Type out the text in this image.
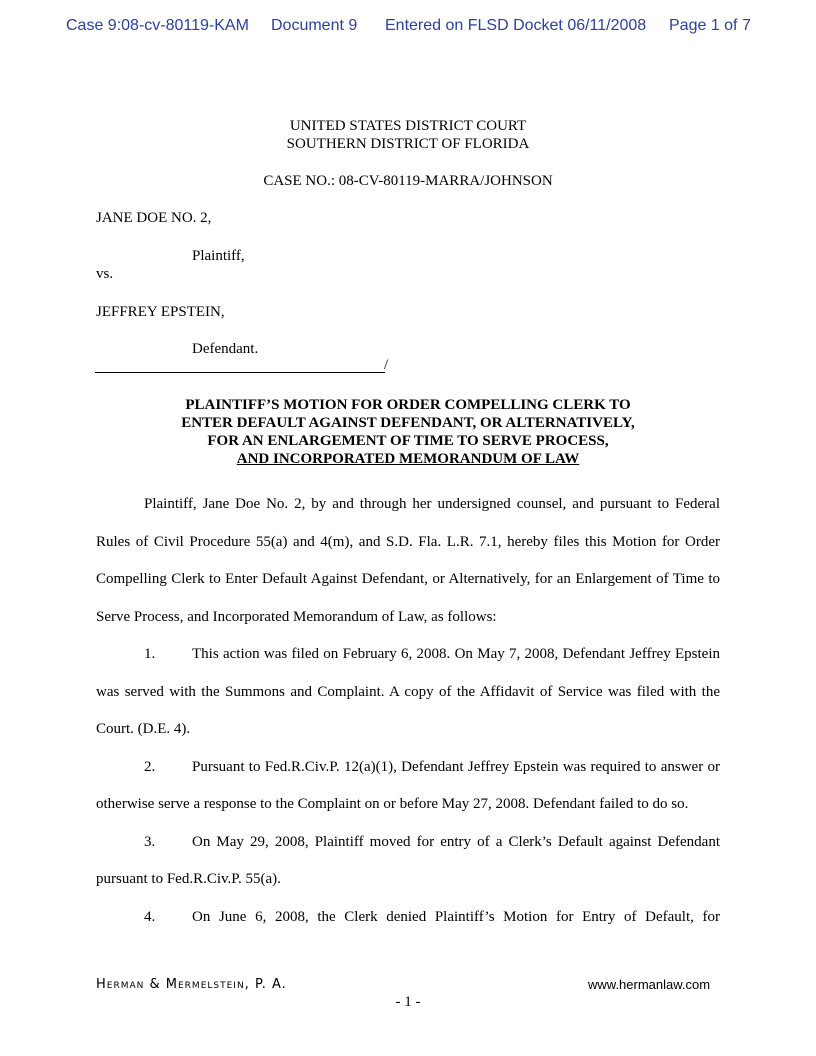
Case 9:08-cv-80119-KAM Document 9 Entered on FLSD Docket 06/11/2008 Page 1 of 7
UNITED STATES DISTRICT COURT
SOUTHERN DISTRICT OF FLORIDA
CASE NO.: 08-CV-80119-MARRA/JOHNSON
JANE DOE NO. 2,
Plaintiff,
vs.
JEFFREY EPSTEIN,
Defendant.
/
PLAINTIFF’S MOTION FOR ORDER COMPELLING CLERK TO
ENTER DEFAULT AGAINST DEFENDANT, OR ALTERNATIVELY,
FOR AN ENLARGEMENT OF TIME TO SERVE PROCESS,
AND INCORPORATED MEMORANDUM OF LAW

Plaintiff, Jane Doe No. 2, by and through her undersigned counsel, and pursuant to Federal Rules of Civil Procedure 55(a) and 4(m), and S.D. Fla. L.R. 7.1, hereby files this Motion for Order Compelling Clerk to Enter Default Against Defendant, or Alternatively, for an Enlargement of Time to Serve Process, and Incorporated Memorandum of Law, as follows:

1. This action was filed on February 6, 2008. On May 7, 2008, Defendant Jeffrey Epstein was served with the Summons and Complaint. A copy of the Affidavit of Service was filed with the Court. (D.E. 4).

2. Pursuant to Fed.R.Civ.P. 12(a)(1), Defendant Jeffrey Epstein was required to answer or otherwise serve a response to the Complaint on or before May 27, 2008. Defendant failed to do so.

3. On May 29, 2008, Plaintiff moved for entry of a Clerk’s Default against Defendant pursuant to Fed.R.Civ.P. 55(a).

4. On June 6, 2008, the Clerk denied Plaintiff’s Motion for Entry of Default, for

Herman & Mermelstein, P. A.	www.hermanlaw.com
- 1 -
